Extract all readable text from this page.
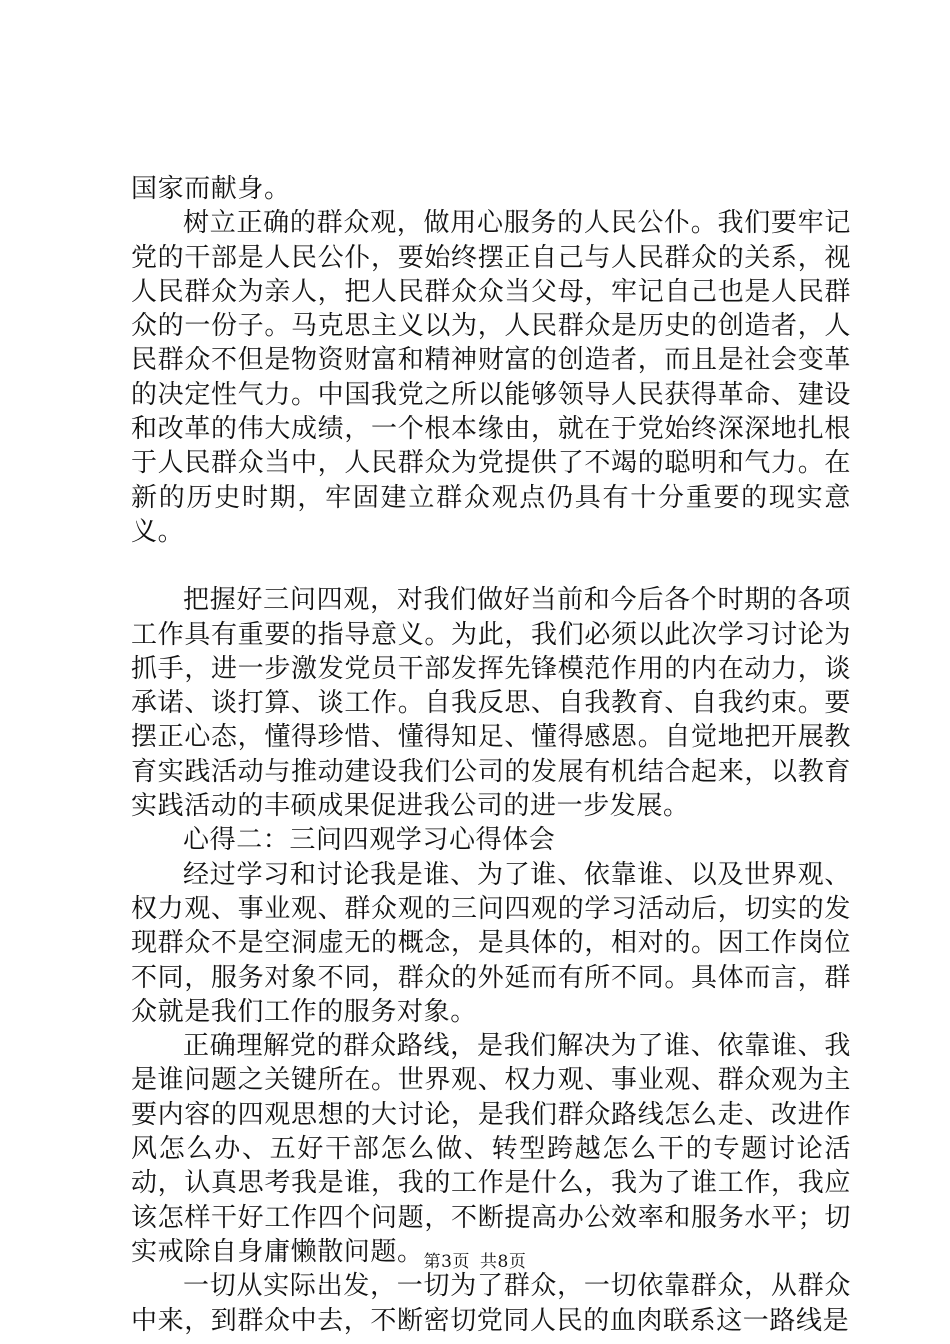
国家而献身。

树立正确的群众观，做用心服务的人民公仆。我们要牢记党的干部是人民公仆，要始终摆正自己与人民群众的关系，视人民群众为亲人，把人民群众众当父母，牢记自己也是人民群众的一份子。马克思主义以为，人民群众是历史的创造者，人民群众不但是物资财富和精神财富的创造者，而且是社会变革的决定性气力。中国我党之所以能够领导人民获得革命、建设和改革的伟大成绩，一个根本缘由，就在于党始终深深地扎根于人民群众当中，人民群众为党提供了不竭的聪明和气力。在新的历史时期，牢固建立群众观点仍具有十分重要的现实意义。

把握好三问四观，对我们做好当前和今后各个时期的各项工作具有重要的指导意义。为此，我们必须以此次学习讨论为抓手，进一步激发党员干部发挥先锋模范作用的内在动力，谈承诺、谈打算、谈工作。自我反思、自我教育、自我约束。要摆正心态，懂得珍惜、懂得知足、懂得感恩。自觉地把开展教育实践活动与推动建设我们公司的发展有机结合起来，以教育实践活动的丰硕成果促进我公司的进一步发展。

心得二：三问四观学习心得体会

经过学习和讨论我是谁、为了谁、依靠谁、以及世界观、权力观、事业观、群众观的三问四观的学习活动后，切实的发现群众不是空洞虚无的概念，是具体的，相对的。因工作岗位不同，服务对象不同，群众的外延而有所不同。具体而言，群众就是我们工作的服务对象。

正确理解党的群众路线，是我们解决为了谁、依靠谁、我是谁问题之关键所在。世界观、权力观、事业观、群众观为主要内容的四观思想的大讨论，是我们群众路线怎么走、改进作风怎么办、五好干部怎么做、转型跨越怎么干的专题讨论活动，认真思考我是谁，我的工作是什么，我为了谁工作，我应该怎样干好工作四个问题，不断提高办公效率和服务水平；切实戒除自身庸懒散问题。

一切从实际出发，一切为了群众，一切依靠群众，从群众中来，到群众中去，不断密切党同人民的血肉联系这一路线是

第3页 共8页
